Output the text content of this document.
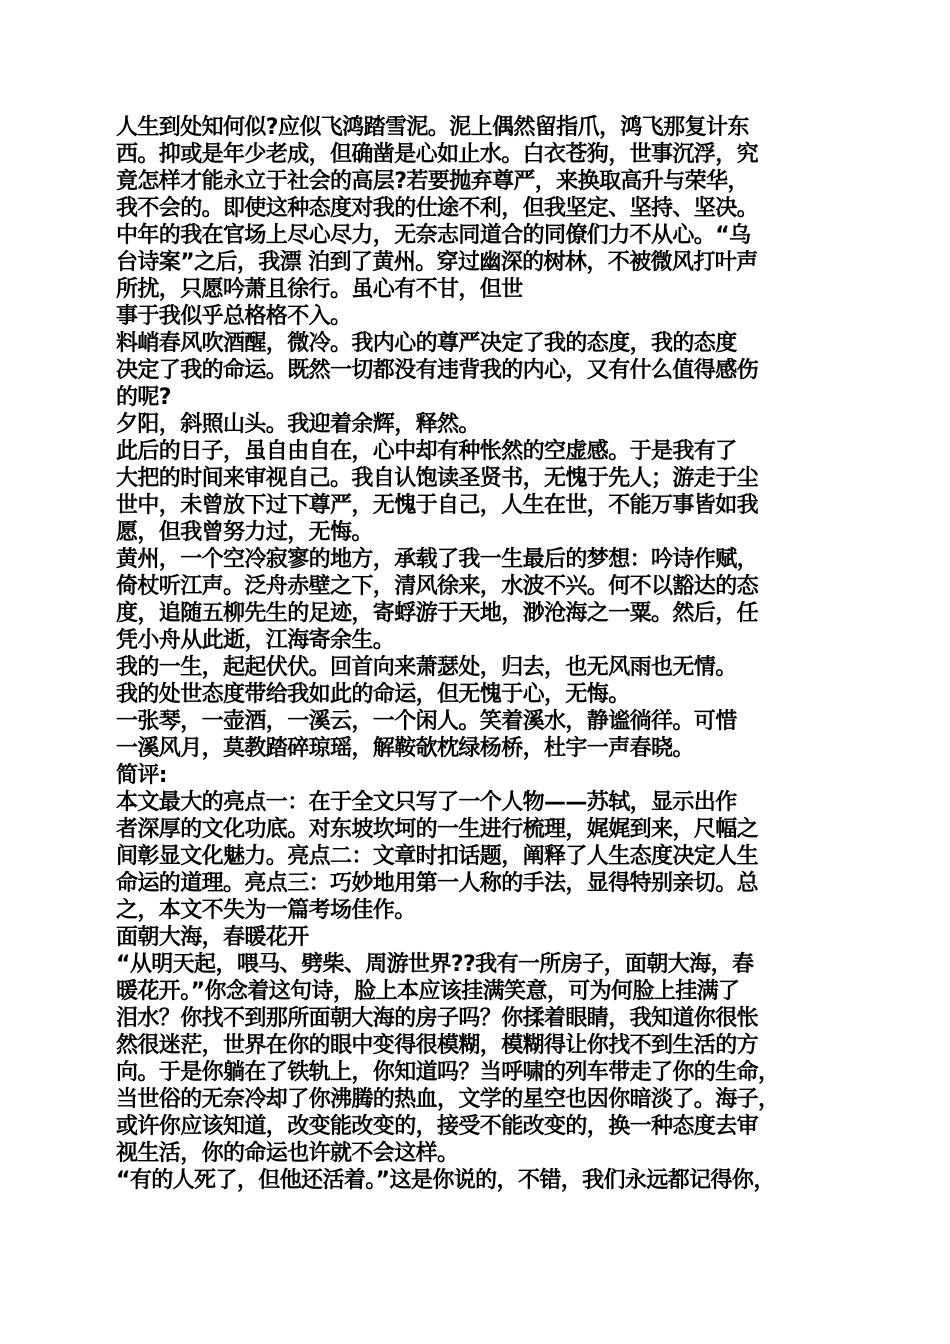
人生到处知何似?应似飞鸿踏雪泥。泥上偶然留指爪，鸿飞那复计东
西。抑或是年少老成，但确凿是心如止水。白衣苍狗，世事沉浮，究
竟怎样才能永立于社会的高层?若要抛弃尊严，来换取高升与荣华，
我不会的。即使这种态度对我的仕途不利，但我坚定、坚持、坚决。
中年的我在官场上尽心尽力，无奈志同道合的同僚们力不从心。“乌
台诗案”之后，我漂 泊到了黄州。穿过幽深的树林，不被微风打叶声
所扰，只愿吟萧且徐行。虽心有不甘，但世
事于我似乎总格格不入。
料峭春风吹酒醒，微冷。我内心的尊严决定了我的态度，我的态度
决定了我的命运。既然一切都没有违背我的内心，又有什么值得感伤
的呢?
夕阳，斜照山头。我迎着余辉，释然。
此后的日子，虽自由自在，心中却有种怅然的空虚感。于是我有了
大把的时间来审视自己。我自认饱读圣贤书，无愧于先人；游走于尘
世中，未曾放下过下尊严，无愧于自己，人生在世，不能万事皆如我
愿，但我曾努力过，无悔。
黄州，一个空冷寂寥的地方，承载了我一生最后的梦想：吟诗作赋，
倚杖听江声。泛舟赤壁之下，清风徐来，水波不兴。何不以豁达的态
度，追随五柳先生的足迹，寄蜉游于天地，渺沧海之一粟。然后，任
凭小舟从此逝，江海寄余生。
我的一生，起起伏伏。回首向来萧瑟处，归去，也无风雨也无情。
我的处世态度带给我如此的命运，但无愧于心，无悔。
一张琴，一壶酒，一溪云，一个闲人。笑着溪水，静谧徜徉。可惜
一溪风月，莫教踏碎琼瑶，解鞍欹枕绿杨桥，杜宇一声春晓。
简评:
本文最大的亮点一：在于全文只写了一个人物——苏轼，显示出作
者深厚的文化功底。对东坡坎坷的一生进行梳理，娓娓到来，尺幅之
间彰显文化魅力。亮点二：文章时扣话题，阐释了人生态度决定人生
命运的道理。亮点三：巧妙地用第一人称的手法，显得特别亲切。总
之，本文不失为一篇考场佳作。
面朝大海，春暖花开
“从明天起，喂马、劈柴、周游世界??我有一所房子，面朝大海，春
暖花开。”你念着这句诗，脸上本应该挂满笑意，可为何脸上挂满了
泪水？你找不到那所面朝大海的房子吗？你揉着眼睛，我知道你很怅
然很迷茫，世界在你的眼中变得很模糊，模糊得让你找不到生活的方
向。于是你躺在了铁轨上，你知道吗？当呼啸的列车带走了你的生命，
当世俗的无奈冷却了你沸腾的热血，文学的星空也因你暗淡了。海子，
或许你应该知道，改变能改变的，接受不能改变的，换一种态度去审
视生活，你的命运也许就不会这样。
“有的人死了，但他还活着。”这是你说的，不错，我们永远都记得你，
